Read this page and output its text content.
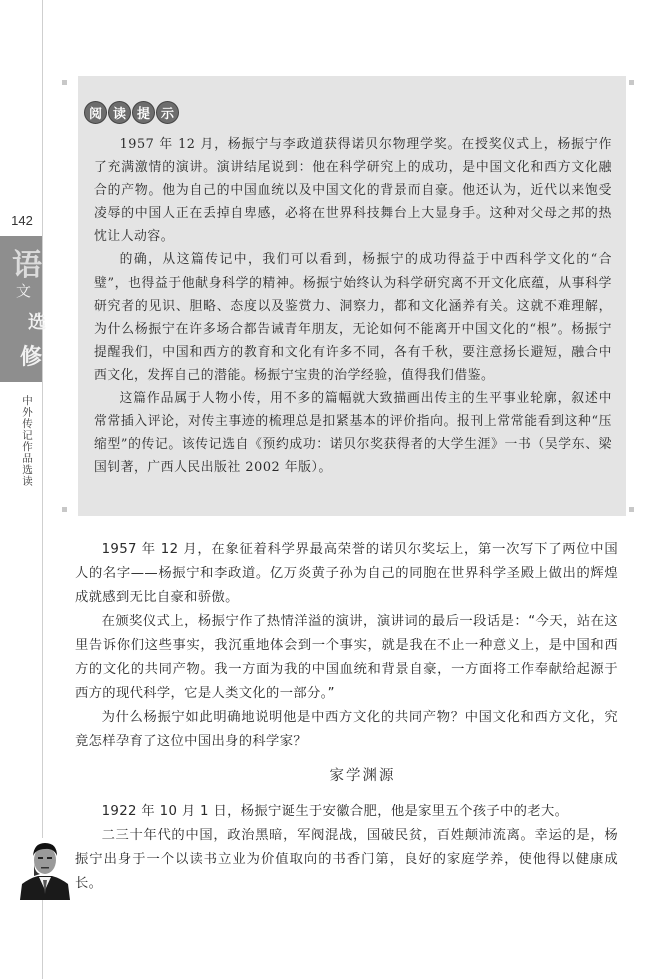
142
语
文
选
修
中外传记作品选读
阅 读 提 示

1957 年 12 月，杨振宁与李政道获得诺贝尔物理学奖。在授奖仪式上，杨振宁作了充满激情的演讲。演讲结尾说到：他在科学研究上的成功，是中国文化和西方文化融合的产物。他为自己的中国血统以及中国文化的背景而自豪。他还认为，近代以来饱受凌辱的中国人正在丢掉自卑感，必将在世界科技舞台上大显身手。这种对父母之邦的热忱让人动容。

的确，从这篇传记中，我们可以看到，杨振宁的成功得益于中西科学文化的“合璧”，也得益于他献身科学的精神。杨振宁始终认为科学研究离不开文化底蕴，从事科学研究者的见识、胆略、态度以及鉴赏力、洞察力，都和文化涵养有关。这就不难理解，为什么杨振宁在许多场合都告诫青年朋友，无论如何不能离开中国文化的“根”。杨振宁提醒我们，中国和西方的教育和文化有许多不同，各有千秋，要注意扬长避短，融合中西文化，发挥自己的潜能。杨振宁宝贵的治学经验，值得我们借鉴。

这篇作品属于人物小传，用不多的篇幅就大致描画出传主的生平事业轮廓，叙述中常常插入评论，对传主事迹的梳理总是扣紧基本的评价指向。报刊上常常能看到这种“压缩型”的传记。该传记选自《预约成功：诺贝尔奖获得者的大学生涯》一书（吴学东、梁国钊著，广西人民出版社 2002 年版）。

1957 年 12 月，在象征着科学界最高荣誉的诺贝尔奖坛上，第一次写下了两位中国人的名字——杨振宁和李政道。亿万炎黄子孙为自己的同胞在世界科学圣殿上做出的辉煌成就感到无比自豪和骄傲。

在颁奖仪式上，杨振宁作了热情洋溢的演讲，演讲词的最后一段话是：“今天，站在这里告诉你们这些事实，我沉重地体会到一个事实，就是我在不止一种意义上，是中国和西方的文化的共同产物。我一方面为我的中国血统和背景自豪，一方面将工作奉献给起源于西方的现代科学，它是人类文化的一部分。”

为什么杨振宁如此明确地说明他是中西方文化的共同产物？中国文化和西方文化，究竟怎样孕育了这位中国出身的科学家？

家学渊源

1922 年 10 月 1 日，杨振宁诞生于安徽合肥，他是家里五个孩子中的老大。

二三十年代的中国，政治黑暗，军阀混战，国破民贫，百姓颠沛流离。幸运的是，杨振宁出身于一个以读书立业为价值取向的书香门第，良好的家庭学养，使他得以健康成长。
